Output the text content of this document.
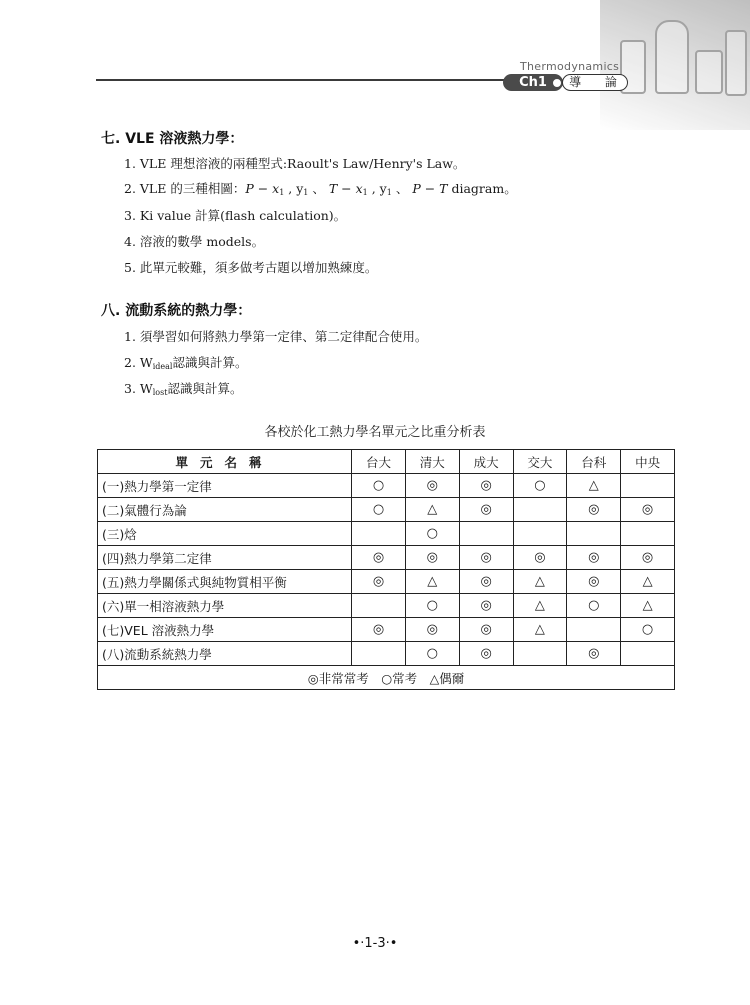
Thermodynamics
Ch1	導 論
七. VLE 溶液熱力學：
1. VLE 理想溶液的兩種型式:Raoult's Law/Henry's Law。
2. VLE 的三種相圖：$P - x_1$ , $y_1$ 、 $T - x_1$ , $y_1$ 、 P − T diagram。
3. Ki value 計算(flash calculation)。
4. 溶液的數學 models。
5. 此單元較難，須多做考古題以增加熟練度。
八. 流動系統的熱力學：
1. 須學習如何將熱力學第一定律、第二定律配合使用。
2. $W_{ideal}$認識與計算。
3. $W_{lost}$認識與計算。
各校於化工熱力學名單元之比重分析表
單元名稱	台大	清大	成大	交大	台科	中央
(一)熱力學第一定律	○	◎	◎	○	△	
(二)氣體行為論	○	△	◎		◎	◎
(三)焓		○				
(四)熱力學第二定律	◎	◎	◎	◎	◎	◎
(五)熱力學關係式與純物質相平衡	◎	△	◎	△	◎	△
(六)單一相溶液熱力學		○	◎	△	○	△
(七)VEL 溶液熱力學	◎	◎	◎	△		○
(八)流動系統熱力學		○	◎		◎	
◎非常常考　○常考　△偶爾						
•·1-3·•
